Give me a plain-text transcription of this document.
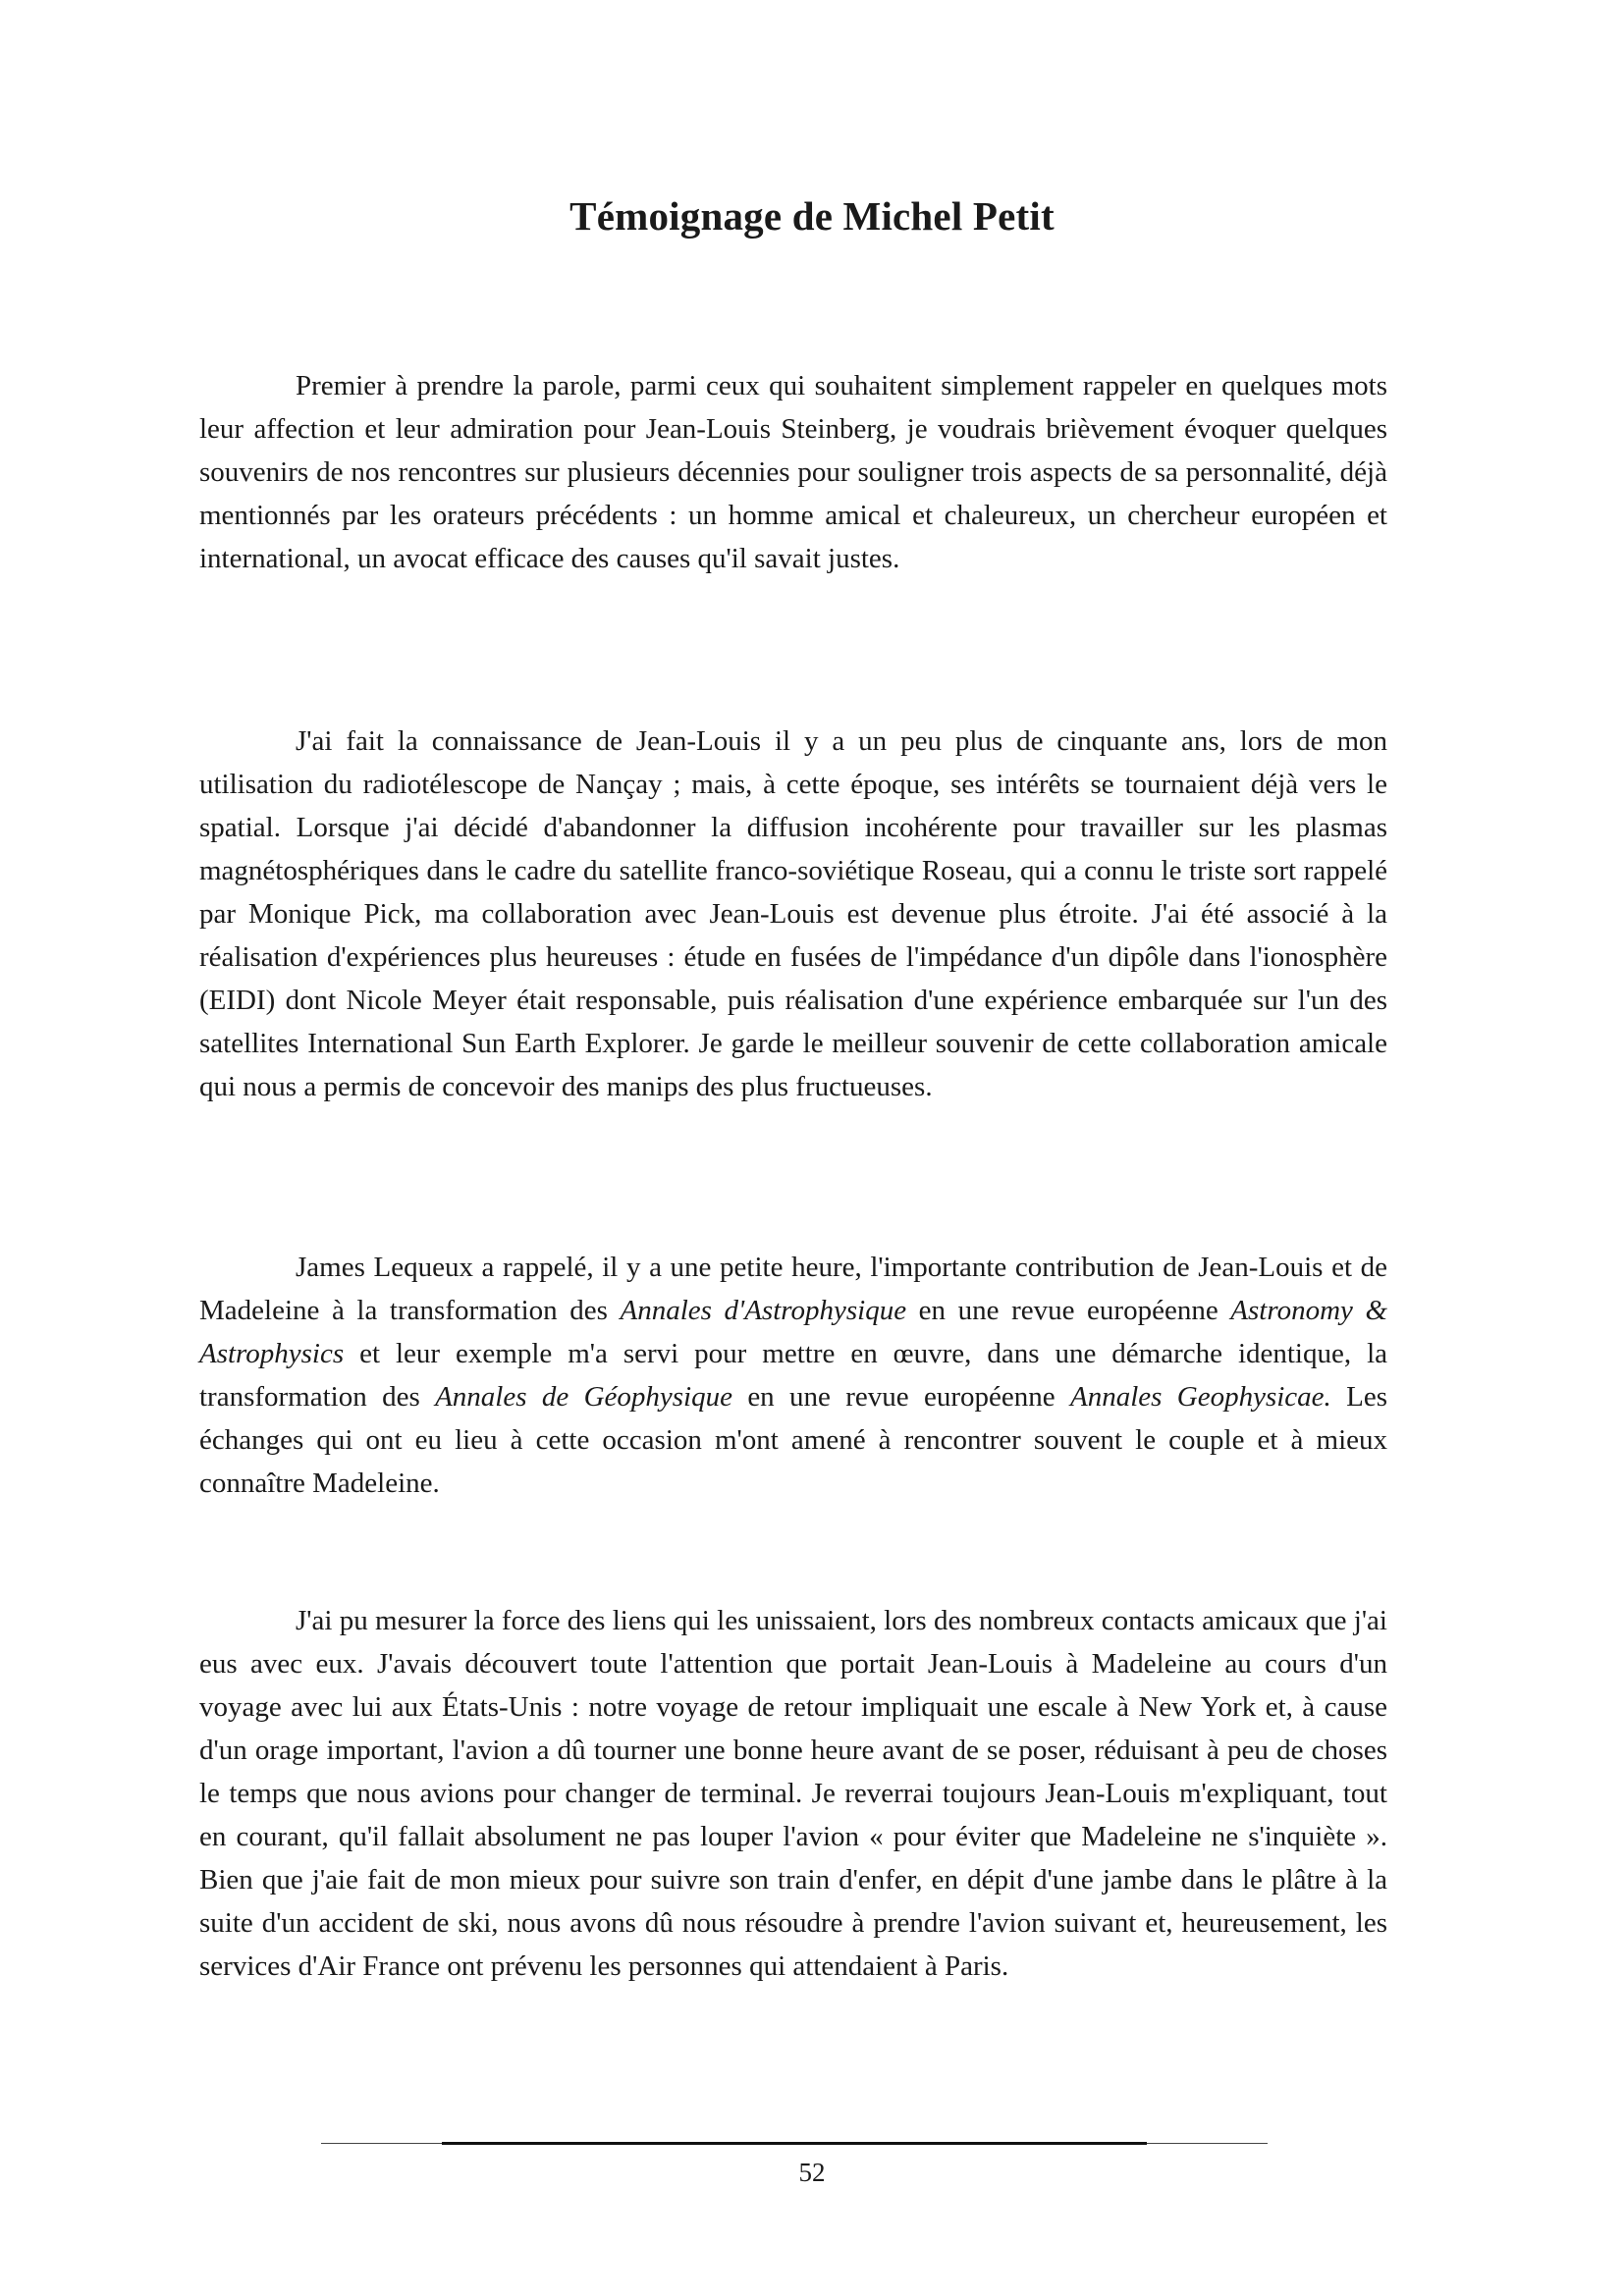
Témoignage de Michel Petit

Premier à prendre la parole, parmi ceux qui souhaitent simplement rappeler en quelques mots leur affection et leur admiration pour Jean-Louis Steinberg, je voudrais brièvement évoquer quelques souvenirs de nos rencontres sur plusieurs décennies pour souligner trois aspects de sa personnalité, déjà mentionnés par les orateurs précédents : un homme amical et chaleureux, un chercheur européen et international, un avocat efficace des causes qu'il savait justes.

J'ai fait la connaissance de Jean-Louis il y a un peu plus de cinquante ans, lors de mon utilisation du radiotélescope de Nançay ; mais, à cette époque, ses intérêts se tournaient déjà vers le spatial. Lorsque j'ai décidé d'abandonner la diffusion incohérente pour travailler sur les plasmas magnétosphériques dans le cadre du satellite franco-soviétique Roseau, qui a connu le triste sort rappelé par Monique Pick, ma collaboration avec Jean-Louis est devenue plus étroite. J'ai été associé à la réalisation d'expériences plus heureuses : étude en fusées de l'impédance d'un dipôle dans l'ionosphère (EIDI) dont Nicole Meyer était responsable, puis réalisation d'une expérience embarquée sur l'un des satellites International Sun Earth Explorer. Je garde le meilleur souvenir de cette collaboration amicale qui nous a permis de concevoir des manips des plus fructueuses.

James Lequeux a rappelé, il y a une petite heure, l'importante contribution de Jean-Louis et de Madeleine à la transformation des Annales d'Astrophysique en une revue européenne Astronomy & Astrophysics et leur exemple m'a servi pour mettre en œuvre, dans une démarche identique, la transformation des Annales de Géophysique en une revue européenne Annales Geophysicae. Les échanges qui ont eu lieu à cette occasion m'ont amené à rencontrer souvent le couple et à mieux connaître Madeleine.

J'ai pu mesurer la force des liens qui les unissaient, lors des nombreux contacts amicaux que j'ai eus avec eux. J'avais découvert toute l'attention que portait Jean-Louis à Madeleine au cours d'un voyage avec lui aux États-Unis : notre voyage de retour impliquait une escale à New York et, à cause d'un orage important, l'avion a dû tourner une bonne heure avant de se poser, réduisant à peu de choses le temps que nous avions pour changer de terminal. Je reverrai toujours Jean-Louis m'expliquant, tout en courant, qu'il fallait absolument ne pas louper l'avion « pour éviter que Madeleine ne s'inquiète ». Bien que j'aie fait de mon mieux pour suivre son train d'enfer, en dépit d'une jambe dans le plâtre à la suite d'un accident de ski, nous avons dû nous résoudre à prendre l'avion suivant et, heureusement, les services d'Air France ont prévenu les personnes qui attendaient à Paris.

52
